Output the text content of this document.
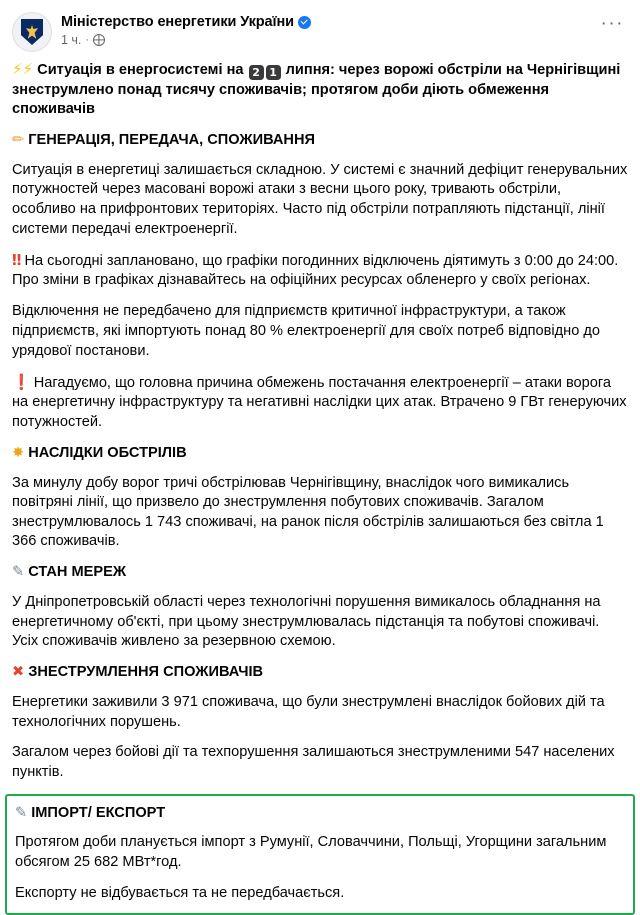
Міністерство енергетики України
1 ч. ·
···

⚡⚡ Ситуація в енергосистемі на 2 1 липня: через ворожі обстріли на Чернігівщині знеструмлено понад тисячу споживачів; протягом доби діють обмеження споживачів

✏ ГЕНЕРАЦІЯ, ПЕРЕДАЧА, СПОЖИВАННЯ

Ситуація в енергетиці залишається складною. У системі є значний дефіцит генерувальних потужностей через масовані ворожі атаки з весни цього року, тривають обстріли, особливо на прифронтових територіях. Часто під обстріли потрапляють підстанції, лінії системи передачі електроенергії.

‼ На сьогодні заплановано, що графіки погодинних відключень діятимуть з 0:00 до 24:00. Про зміни в графіках дізнавайтесь на офіційних ресурсах обленерго у своїх регіонах.

Відключення не передбачено для підприємств критичної інфраструктури, а також підприємств, які імпортують понад 80 % електроенергії для своїх потреб відповідно до урядової постанови.

❗ Нагадуємо, що головна причина обмежень постачання електроенергії – атаки ворога на енергетичну інфраструктуру та негативні наслідки цих атак. Втрачено 9 ГВт генеруючих потужностей.

✸ НАСЛІДКИ ОБСТРІЛІВ

За минулу добу ворог тричі обстрілював Чернігівщину, внаслідок чого вимикались повітряні лінії, що призвело до знеструмлення побутових споживачів. Загалом знеструмлювалось 1 743 споживачі, на ранок після обстрілів залишаються без світла 1 366 споживачів.

✎ СТАН МЕРЕЖ

У Дніпропетровській області через технологічні порушення вимикалось обладнання на енергетичному об'єкті, при цьому знеструмлювалась підстанція та побутові споживачі. Усіх споживачів живлено за резервною схемою.

✖ ЗНЕСТРУМЛЕННЯ СПОЖИВАЧІВ

Енергетики заживили 3 971 споживача, що були знеструмлені внаслідок бойових дій та технологічних порушень.

Загалом через бойові дії та техпорушення залишаються знеструмленими 547 населених пунктів.

✎ ІМПОРТ/ ЕКСПОРТ

Протягом доби планується імпорт з Румунії, Словаччини, Польщі, Угорщини загальним обсягом 25 682 МВт*год.

Експорту не відбувається та не передбачається.
